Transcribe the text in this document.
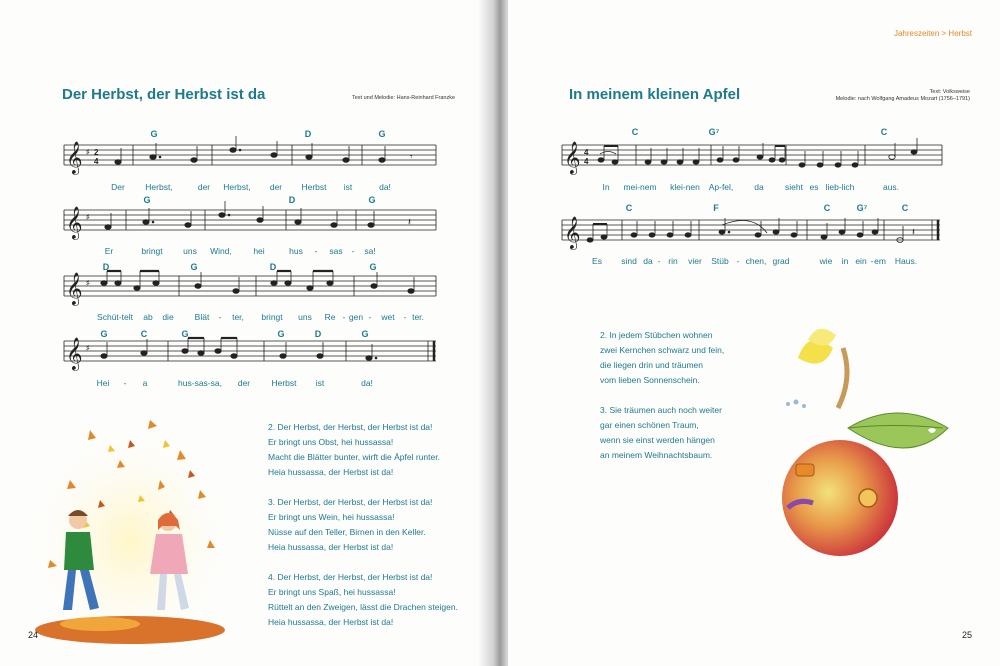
Der Herbst, der Herbst ist da	Text und Melodie: Hans-Reinhard Franzke
𝄞 ♯ 2
4	𝄾
𝄞 ♯	𝄽
𝄞 ♯
𝄞 ♯
G	D	G
G	D	G
D	G	D	G
G	C	G	G	D	G
Der Herbst,	der Herbst, der Herbst ist	da!
Er	bringt uns Wind,	hei	hus - sas - sa!
Schüt-telt ab die Blät - ter, bringt uns Re - gen - wet - ter.
Hei - a	hus-sas-sa, der	Herbst ist	da!

2. Der Herbst, der Herbst, der Herbst ist da!
Er bringt uns Obst, hei hussassa!
Macht die Blätter bunter, wirft die Äpfel runter.
Heia hussassa, der Herbst ist da!

3. Der Herbst, der Herbst, der Herbst ist da!
Er bringt uns Wein, hei hussassa!
Nüsse auf den Teller, Birnen in den Keller.
Heia hussassa, der Herbst ist da!

4. Der Herbst, der Herbst, der Herbst ist da!
Er bringt uns Spaß, hei hussassa!
Rüttelt an den Zweigen, lässt die Drachen steigen.
Heia hussassa, der Herbst ist da!

24
Jahreszeiten > Herbst
In meinem kleinen Apfel	Text: Volksweise
Melodie: nach Wolfgang Amadeus Mozart (1756–1791)
𝄞 4
4
𝄞	𝄽
C	G⁷	C
C	F	C	G⁷	C
In mei-nem klei-nen Ap-fel, da	sieht es lieb-lich	aus.
Es sind da - rin vier Stüb - chen, grad	wie in ein - em Haus.

2. In jedem Stübchen wohnen
zwei Kernchen schwarz und fein,
die liegen drin und träumen
vom lieben Sonnenschein.

3. Sie träumen auch noch weiter
gar einen schönen Traum,
wenn sie einst werden hängen
an meinem Weihnachtsbaum.

25
